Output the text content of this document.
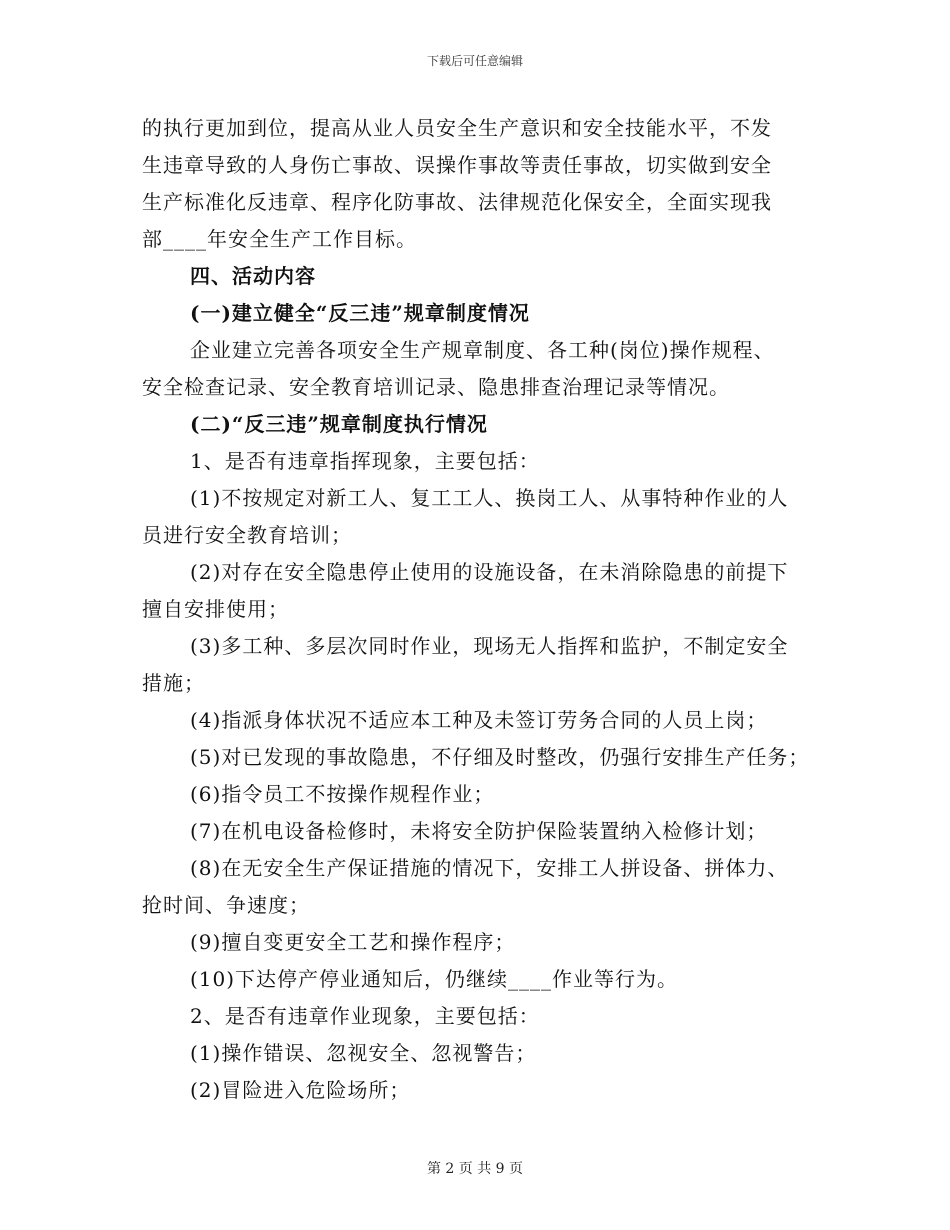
下载后可任意编辑
的执行更加到位，提高从业人员安全生产意识和安全技能水平，不发
生违章导致的人身伤亡事故、误操作事故等责任事故，切实做到安全
生产标准化反违章、程序化防事故、法律规范化保安全，全面实现我
部____年安全生产工作目标。
四、活动内容
(一)建立健全“反三违”规章制度情况
企业建立完善各项安全生产规章制度、各工种(岗位)操作规程、
安全检查记录、安全教育培训记录、隐患排查治理记录等情况。
(二)“反三违”规章制度执行情况
1、是否有违章指挥现象，主要包括：
(1)不按规定对新工人、复工工人、换岗工人、从事特种作业的人
员进行安全教育培训；
(2)对存在安全隐患停止使用的设施设备，在未消除隐患的前提下
擅自安排使用；
(3)多工种、多层次同时作业，现场无人指挥和监护，不制定安全
措施；
(4)指派身体状况不适应本工种及未签订劳务合同的人员上岗；
(5)对已发现的事故隐患，不仔细及时整改，仍强行安排生产任务；
(6)指令员工不按操作规程作业；
(7)在机电设备检修时，未将安全防护保险装置纳入检修计划；
(8)在无安全生产保证措施的情况下，安排工人拼设备、拼体力、
抢时间、争速度；
(9)擅自变更安全工艺和操作程序；
(10)下达停产停业通知后，仍继续____作业等行为。
2、是否有违章作业现象，主要包括：
(1)操作错误、忽视安全、忽视警告；
(2)冒险进入危险场所；
第 2 页 共 9 页
